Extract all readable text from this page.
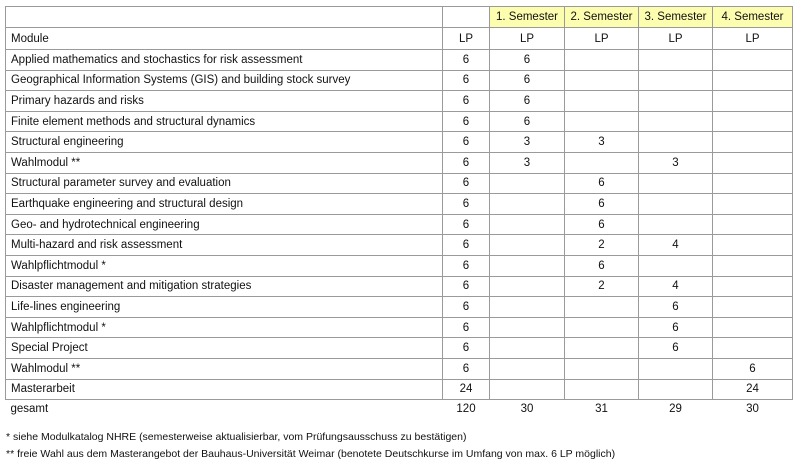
		1. Semester	2. Semester	3. Semester	4. Semester
Module	LP	LP	LP	LP	LP
Applied mathematics and stochastics for risk assessment	6	6			
Geographical Information Systems (GIS) and building stock survey	6	6			
Primary hazards and risks	6	6			
Finite element methods and structural dynamics	6	6			
Structural engineering	6	3	3		
Wahlmodul **	6	3		3	
Structural parameter survey and evaluation	6		6		
Earthquake engineering and structural design	6		6		
Geo- and hydrotechnical engineering	6		6		
Multi-hazard and risk assessment	6		2	4	
Wahlpflichtmodul *	6		6		
Disaster management and mitigation strategies	6		2	4	
Life-lines engineering	6			6	
Wahlpflichtmodul *	6			6	
Special Project	6			6	
Wahlmodul **	6				6
Masterarbeit	24				24
gesamt	120	30	31	29	30
* siehe Modulkatalog NHRE (semesterweise aktualisierbar, vom Prüfungsausschuss zu bestätigen)
** freie Wahl aus dem Masterangebot der Bauhaus-Universität Weimar (benotete Deutschkurse im Umfang von max. 6 LP möglich)
